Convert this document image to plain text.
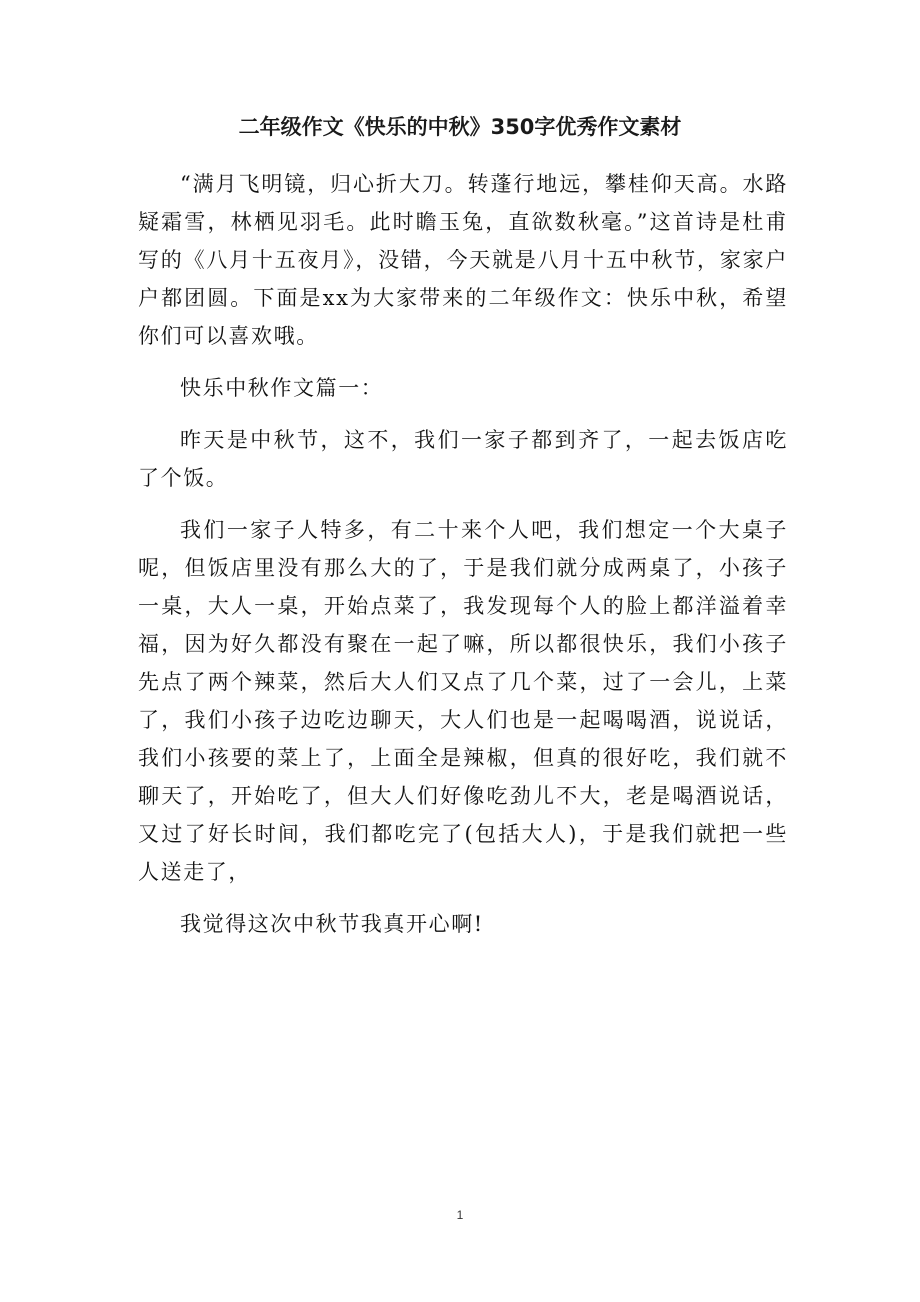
二年级作文《快乐的中秋》350字优秀作文素材

“满月飞明镜，归心折大刀。转蓬行地远，攀桂仰天高。水路疑霜雪，林栖见羽毛。此时瞻玉兔，直欲数秋毫。”这首诗是杜甫写的《八月十五夜月》，没错，今天就是八月十五中秋节，家家户户都团圆。下面是xx为大家带来的二年级作文：快乐中秋，希望你们可以喜欢哦。

快乐中秋作文篇一：

昨天是中秋节，这不，我们一家子都到齐了，一起去饭店吃了个饭。

我们一家子人特多，有二十来个人吧，我们想定一个大桌子呢，但饭店里没有那么大的了，于是我们就分成两桌了，小孩子一桌，大人一桌，开始点菜了，我发现每个人的脸上都洋溢着幸福，因为好久都没有聚在一起了嘛，所以都很快乐，我们小孩子先点了两个辣菜，然后大人们又点了几个菜，过了一会儿，上菜了，我们小孩子边吃边聊天，大人们也是一起喝喝酒，说说话，我们小孩要的菜上了，上面全是辣椒，但真的很好吃，我们就不聊天了，开始吃了，但大人们好像吃劲儿不大，老是喝酒说话，又过了好长时间，我们都吃完了(包括大人)，于是我们就把一些人送走了，

我觉得这次中秋节我真开心啊!

1
